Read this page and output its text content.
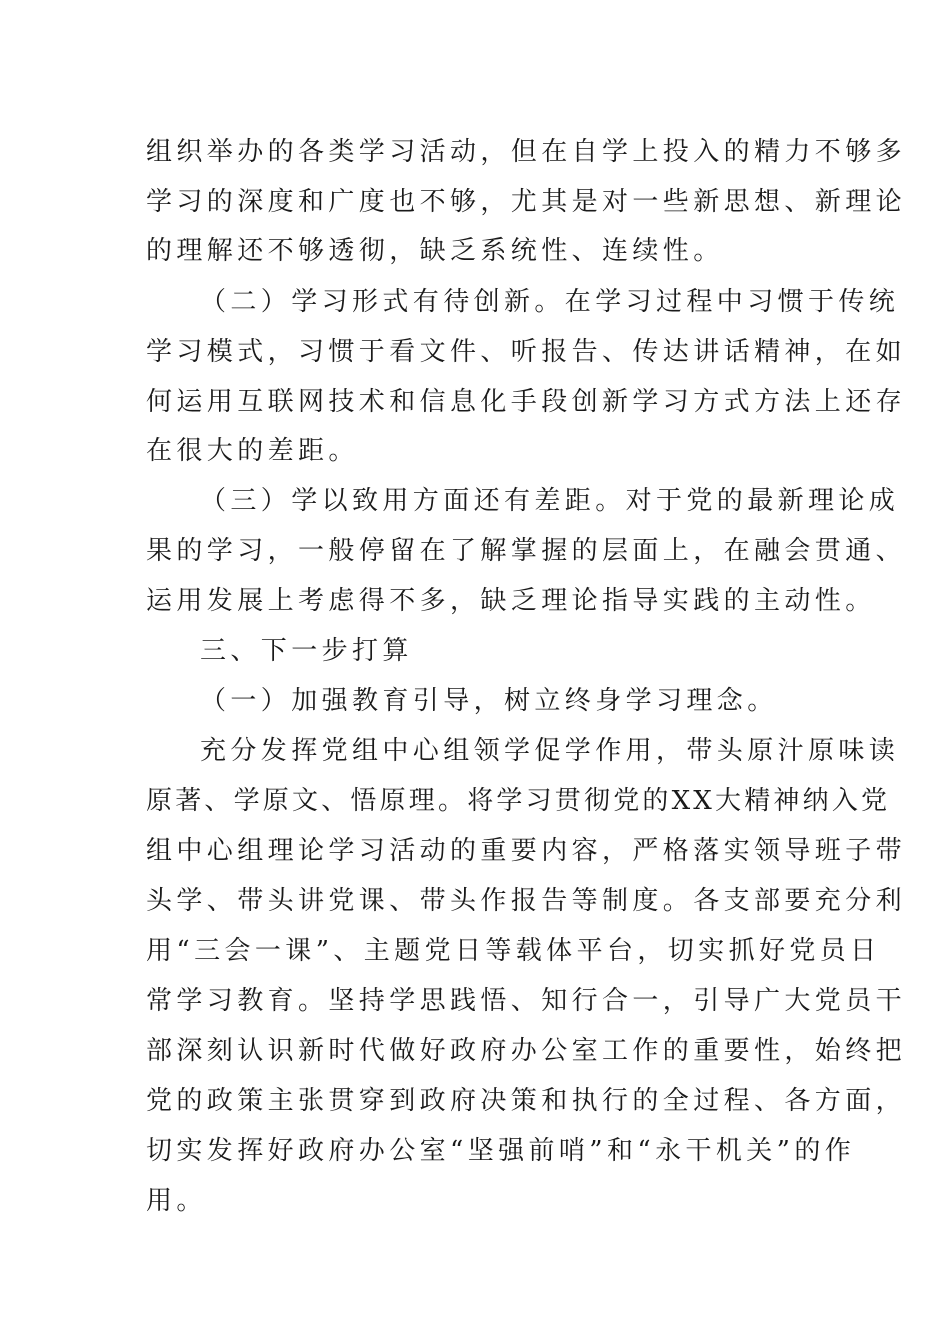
组织举办的各类学习活动，但在自学上投入的精力不够多
学习的深度和广度也不够，尤其是对一些新思想、新理论
的理解还不够透彻，缺乏系统性、连续性。
（二）学习形式有待创新。在学习过程中习惯于传统
学习模式，习惯于看文件、听报告、传达讲话精神，在如
何运用互联网技术和信息化手段创新学习方式方法上还存
在很大的差距。
（三）学以致用方面还有差距。对于党的最新理论成
果的学习，一般停留在了解掌握的层面上，在融会贯通、
运用发展上考虑得不多，缺乏理论指导实践的主动性。
三、下一步打算
（一）加强教育引导，树立终身学习理念。
充分发挥党组中心组领学促学作用，带头原汁原味读
原著、学原文、悟原理。将学习贯彻党的XX大精神纳入党
组中心组理论学习活动的重要内容，严格落实领导班子带
头学、带头讲党课、带头作报告等制度。各支部要充分利
用“三会一课”、主题党日等载体平台，切实抓好党员日
常学习教育。坚持学思践悟、知行合一，引导广大党员干
部深刻认识新时代做好政府办公室工作的重要性，始终把
党的政策主张贯穿到政府决策和执行的全过程、各方面，
切实发挥好政府办公室“坚强前哨”和“永干机关”的作
用。
